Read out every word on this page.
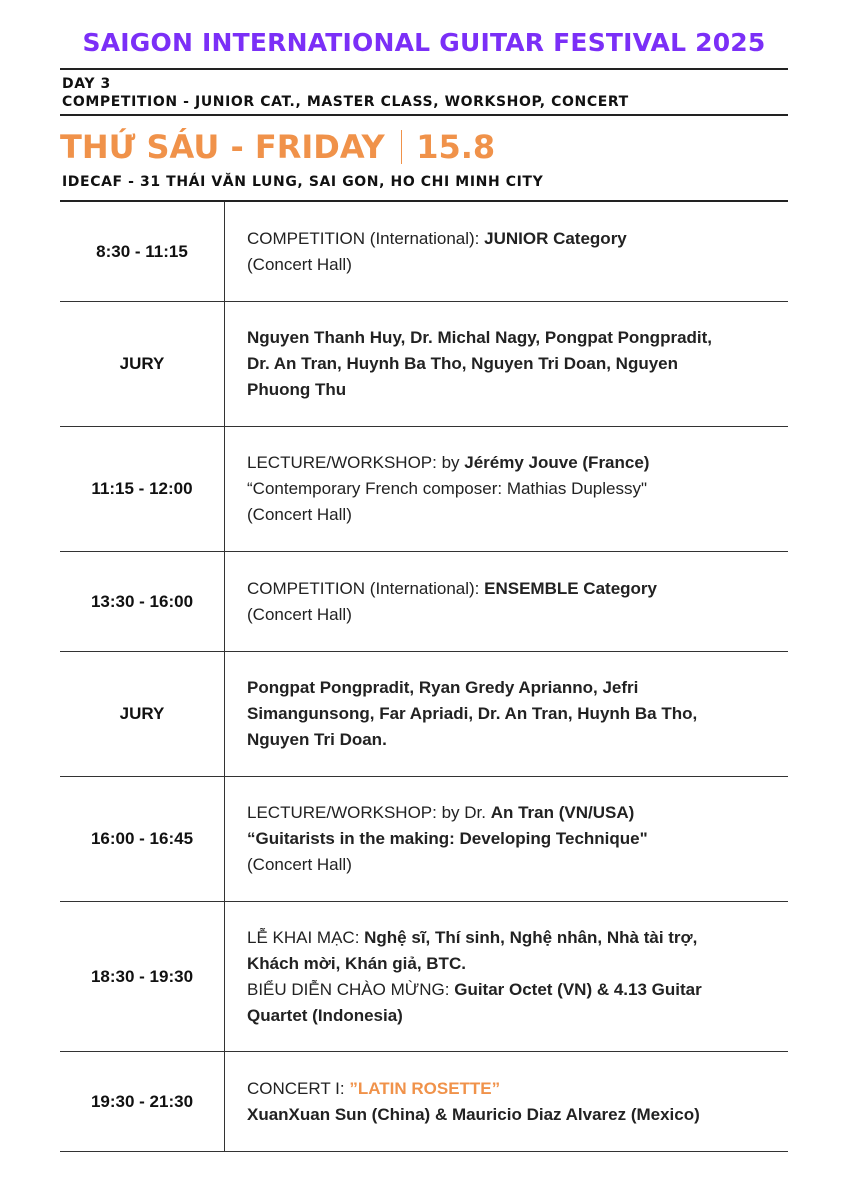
SAIGON INTERNATIONAL GUITAR FESTIVAL 2025
DAY 3
COMPETITION - JUNIOR CAT., MASTER CLASS, WORKSHOP, CONCERT
THỨ SÁU - FRIDAY 15.8
IDECAF - 31 THÁI VĂN LUNG, SAI GON, HO CHI MINH CITY
8:30 - 11:15
COMPETITION (International): JUNIOR Category
(Concert Hall)
JURY
Nguyen Thanh Huy, Dr. Michal Nagy, Pongpat Pongpradit,
Dr. An Tran, Huynh Ba Tho, Nguyen Tri Doan, Nguyen
Phuong Thu
11:15 - 12:00
LECTURE/WORKSHOP: by Jérémy Jouve (France)
“Contemporary French composer: Mathias Duplessy"
(Concert Hall)
13:30 - 16:00
COMPETITION (International): ENSEMBLE Category
(Concert Hall)
JURY
Pongpat Pongpradit, Ryan Gredy Aprianno, Jefri
Simangunsong, Far Apriadi, Dr. An Tran, Huynh Ba Tho,
Nguyen Tri Doan.
16:00 - 16:45
LECTURE/WORKSHOP: by Dr. An Tran (VN/USA)
“Guitarists in the making: Developing Technique"
(Concert Hall)
18:30 - 19:30
LỄ KHAI MẠC: Nghệ sĩ, Thí sinh, Nghệ nhân, Nhà tài trợ,
Khách mời, Khán giả, BTC.
BIỂU DIỄN CHÀO MỪNG: Guitar Octet (VN) & 4.13 Guitar
Quartet (Indonesia)
19:30 - 21:30
CONCERT I: ”LATIN ROSETTE”
XuanXuan Sun (China) & Mauricio Diaz Alvarez (Mexico)
